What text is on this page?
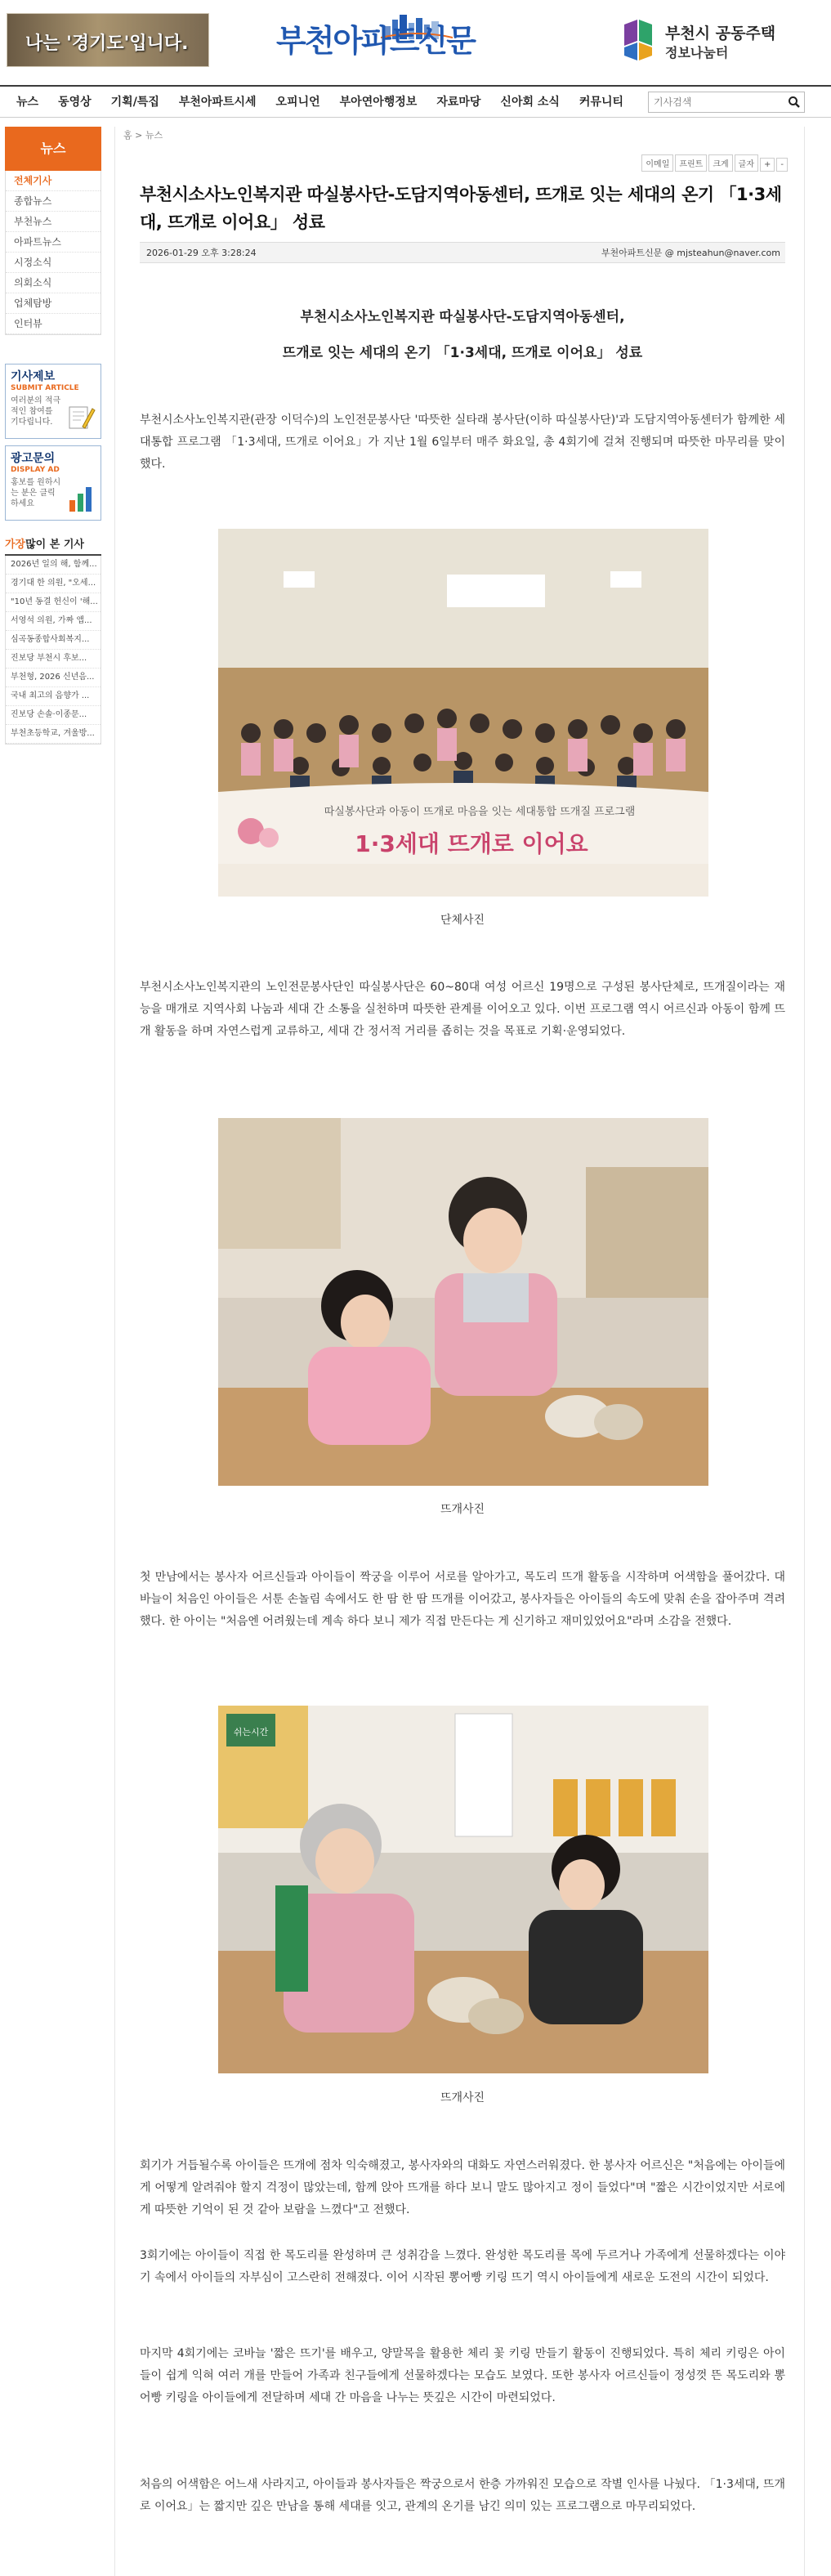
나는 '경기도'입니다.	부천아파트신문	부천시 공동주택
정보나눔터
뉴스	동영상	기획/특집	부천아파트시세	오피니언	부아연아행정보	자료마당	신아회 소식	커뮤니티
기사검색
뉴스
전체기사
종합뉴스
부천뉴스
아파트뉴스
시정소식
의회소식
업체탐방
인터뷰
기사제보
SUBMIT ARTICLE
여러분의 적극적인 참여를 기다립니다.
광고문의
DISPLAY AD
홍보를 원하시는 분은 클릭하세요
가장많이 본 기사
2026년 일의 해, 함께...
경기대 한 의원, "오세...
"10년 동결 헌신이 '해...
서영석 의원, 가짜 앱...
심곡동종합사회복지...
진보당 부천시 후보...
부천형, 2026 신년음...
국내 최고의 음향가 ...
진보당 손솔·이종문...
부천초등학교, 겨울방...
홈 > 뉴스
이메일 프린트 크게 글자 + -
부천시소사노인복지관 따실봉사단-도담지역아동센터, 뜨개로 잇는 세대의 온기 「1·3세대, 뜨개로 이어요」 성료
2026-01-29 오후 3:28:24	부천아파트신문 @ mjsteahun@naver.com
부천시소사노인복지관 따실봉사단-도담지역아동센터,
뜨개로 잇는 세대의 온기 「1·3세대, 뜨개로 이어요」 성료
부천시소사노인복지관(관장 이덕수)의 노인전문봉사단 '따뜻한 실타래 봉사단(이하 따실봉사단)'과 도담지역아동센터가 함께한 세대통합 프로그램 「1·3세대, 뜨개로 이어요」가 지난 1월 6일부터 매주 화요일, 총 4회기에 걸쳐 진행되며 따뜻한 마무리를 맞이했다.
따실봉사단과 아동이 뜨개로 마음을 잇는 세대통합 뜨개질 프로그램
1·3세대 뜨개로 이어요
단체사진
부천시소사노인복지관의 노인전문봉사단인 따실봉사단은 60~80대 여성 어르신 19명으로 구성된 봉사단체로, 뜨개질이라는 재능을 매개로 지역사회 나눔과 세대 간 소통을 실천하며 따뜻한 관계를 이어오고 있다. 이번 프로그램 역시 어르신과 아동이 함께 뜨개 활동을 하며 자연스럽게 교류하고, 세대 간 정서적 거리를 좁히는 것을 목표로 기획·운영되었다.
뜨개사진
첫 만남에서는 봉사자 어르신들과 아이들이 짝궁을 이루어 서로를 알아가고, 목도리 뜨개 활동을 시작하며 어색함을 풀어갔다. 대바늘이 처음인 아이들은 서툰 손놀림 속에서도 한 땀 한 땀 뜨개를 이어갔고, 봉사자들은 아이들의 속도에 맞춰 손을 잡아주며 격려했다. 한 아이는 "처음엔 어려웠는데 계속 하다 보니 제가 직접 만든다는 게 신기하고 재미있었어요"라며 소감을 전했다.
쉬는시간
뜨개사진
회기가 거듭될수록 아이들은 뜨개에 점차 익숙해졌고, 봉사자와의 대화도 자연스러워졌다. 한 봉사자 어르신은 "처음에는 아이들에게 어떻게 알려줘야 할지 걱정이 많았는데, 함께 앉아 뜨개를 하다 보니 말도 많아지고 정이 들었다"며 "짧은 시간이었지만 서로에게 따뜻한 기억이 된 것 같아 보람을 느꼈다"고 전했다.
3회기에는 아이들이 직접 한 목도리를 완성하며 큰 성취감을 느꼈다. 완성한 목도리를 목에 두르거나 가족에게 선물하겠다는 이야기 속에서 아이들의 자부심이 고스란히 전해졌다. 이어 시작된 뽕어빵 키링 뜨기 역시 아이들에게 새로운 도전의 시간이 되었다.
마지막 4회기에는 코바늘 '짧은 뜨기'를 배우고, 양말목을 활용한 체리 꽃 키링 만들기 활동이 진행되었다. 특히 체리 키링은 아이들이 쉽게 익혀 여러 개를 만들어 가족과 친구들에게 선물하겠다는 모습도 보였다. 또한 봉사자 어르신들이 정성껏 뜬 목도리와 뽕어빵 키링을 아이들에게 전달하며 세대 간 마음을 나누는 뜻깊은 시간이 마련되었다.
처음의 어색함은 어느새 사라지고, 아이들과 봉사자들은 짝궁으로서 한층 가까워진 모습으로 작별 인사를 나눴다. 「1·3세대, 뜨개로 이어요」는 짧지만 깊은 만남을 통해 세대를 잇고, 관계의 온기를 남긴 의미 있는 프로그램으로 마무리되었다.
